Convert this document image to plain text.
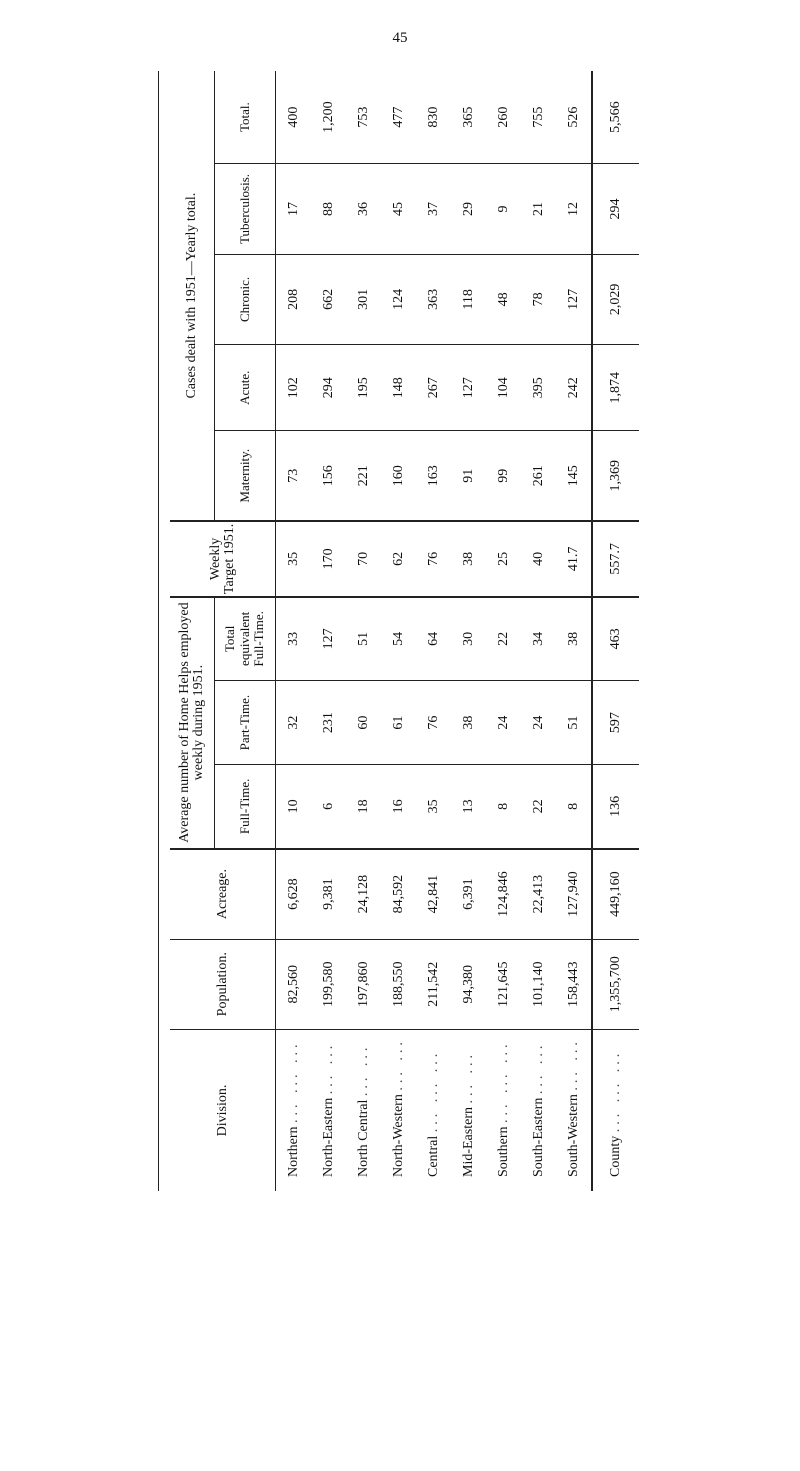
45
Division.	Population.	Acreage.	Average number of Home Helps employed weekly during 1951.			Weekly Target 1951.	Cases dealt with 1951—Yearly total.				
			Full-Time.	Part-Time.	Total equivalent Full-Time.		Maternity.	Acute.	Chronic.	Tuberculosis.	Total.
Northern ... ... ...	82,560	6,628	10	32	33	35	73	102	208	17	400
North-Eastern ... ...	199,580	9,381	6	231	127	170	156	294	662	88	1,200
North Central ... ...	197,860	24,128	18	60	51	70	221	195	301	36	753
North-Western ... ...	188,550	84,592	16	61	54	62	160	148	124	45	477
Central ... ... ...	211,542	42,841	35	76	64	76	163	267	363	37	830
Mid-Eastern ... ...	94,380	6,391	13	38	30	38	91	127	118	29	365
Southern ... ... ...	121,645	124,846	8	24	22	25	99	104	48	9	260
South-Eastern ... ...	101,140	22,413	22	24	34	40	261	395	78	21	755
South-Western ... ...	158,443	127,940	8	51	38	41.7	145	242	127	12	526
County ... ... ...	1,355,700	449,160	136	597	463	557.7	1,369	1,874	2,029	294	5,566
